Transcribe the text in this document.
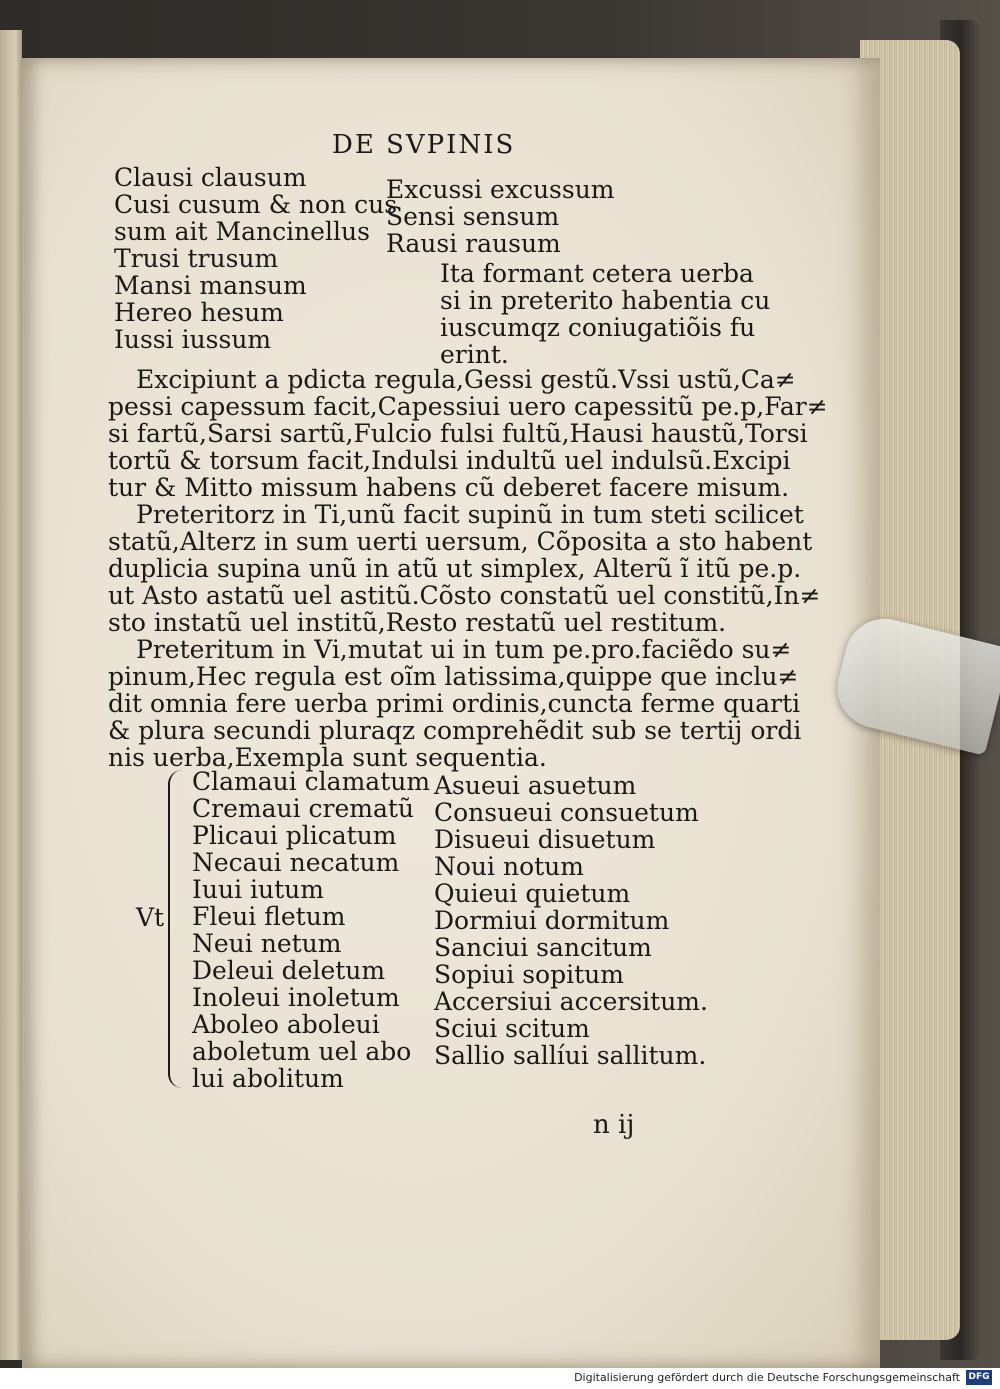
DE SVPINIS
Clausi clausum
Cusi cusum & non cus
sum ait Mancinellus
Trusi trusum
Mansi mansum
Hereo hesum
Iussi iussum
Excussi excussum
Sensi sensum
Rausi rausum
Ita formant cetera uerba
si in preterito habentia cu
iuscumqz coniugatiõis fu
erint.
Excipiunt a pdicta regula,Gessi gestũ.Vssi ustũ,Ca≠
pessi capessum facit,Capessiui uero capessitũ pe.p,Far≠
si fartũ,Sarsi sartũ,Fulcio fulsi fultũ,Hausi haustũ,Torsi
tortũ & torsum facit,Indulsi indultũ uel indulsũ.Excipi
tur & Mitto missum habens cũ deberet facere misum.
Preteritorz in Ti,unũ facit supinũ in tum steti scilicet
statũ,Alterz in sum uerti uersum, Cõposita a sto habent
duplicia supina unũ in atũ ut simplex, Alterũ ĩ itũ pe.p.
ut Asto astatũ uel astitũ.Cõsto constatũ uel constitũ,In≠
sto instatũ uel institũ,Resto restatũ uel restitum.
Preteritum in Vi,mutat ui in tum pe.pro.faciẽdo su≠
pinum,Hec regula est oĩm latissima,quippe que inclu≠
dit omnia fere uerba primi ordinis,cuncta ferme quarti
& plura secundi pluraqz comprehẽdit sub se tertij ordi
nis uerba,Exempla sunt sequentia.
Vt
Clamaui clamatum
Cremaui crematũ
Plicaui plicatum
Necaui necatum
Iuui iutum
Fleui fletum
Neui netum
Deleui deletum
Inoleui inoletum
Aboleo aboleui
aboletum uel abo
lui abolitum
Asueui asuetum
Consueui consuetum
Disueui disuetum
Noui notum
Quieui quietum
Dormiui dormitum
Sanciui sancitum
Sopiui sopitum
Accersiui accersitum.
Sciui scitum
Sallio sallíui sallitum.
n ij
Digitalisierung gefördert durch die Deutsche Forschungsgemeinschaft DFG
